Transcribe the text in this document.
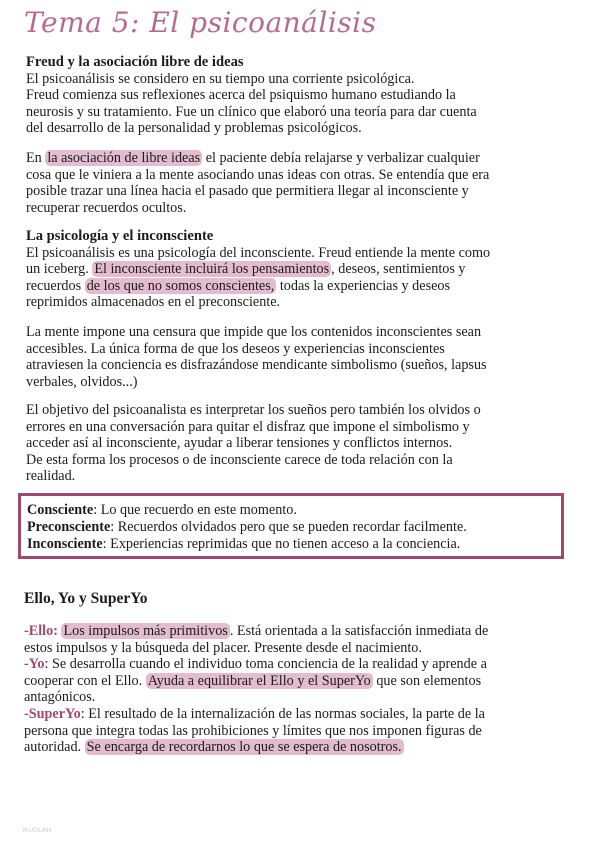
Tema 5: El psicoanálisis
Freud y la asociación libre de ideas
El psicoanálisis se considero en su tiempo una corriente psicológica.
Freud comienza sus reflexiones acerca del psiquismo humano estudiando la
neurosis y su tratamiento. Fue un clínico que elaboró una teoría para dar cuenta
del desarrollo de la personalidad y problemas psicológicos.
En la asociación de libre ideas el paciente debía relajarse y verbalizar cualquier
cosa que le viniera a la mente asociando unas ideas con otras. Se entendía que era
posible trazar una línea hacia el pasado que permitiera llegar al inconsciente y
recuperar recuerdos ocultos.
La psicología y el inconsciente
El psicoanálisis es una psicología del inconsciente. Freud entiende la mente como
un iceberg. El inconsciente incluirá los pensamientos , deseos, sentimientos y
recuerdos de los que no somos conscientes, todas la experiencias y deseos
reprimidos almacenados en el preconsciente.
La mente impone una censura que impide que los contenidos inconscientes sean
accesibles. La única forma de que los deseos y experiencias inconscientes
atraviesen la conciencia es disfrazándose mendicante simbolismo (sueños, lapsus
verbales, olvidos...)
El objetivo del psicoanalista es interpretar los sueños pero también los olvidos o
errores en una conversación para quitar el disfraz que impone el simbolismo y
acceder así al inconsciente, ayudar a liberar tensiones y conflictos internos.
De esta forma los procesos o de inconsciente carece de toda relación con la
realidad.
Consciente: Lo que recuerdo en este momento.
Preconsciente: Recuerdos olvidados pero que se pueden recordar facilmente.
Inconsciente: Experiencias reprimidas que no tienen acceso a la conciencia.
Ello, Yo y SuperYo
-Ello: Los impulsos más primitivos . Está orientada a la satisfacción inmediata de
estos impulsos y la búsqueda del placer. Presente desde el nacimiento.
-Yo: Se desarrolla cuando el individuo toma conciencia de la realidad y aprende a
cooperar con el Ello. Ayuda a equilibrar el Ello y el SuperYo que son elementos
antagónicos.
-SuperYo: El resultado de la internalización de las normas sociales, la parte de la
persona que integra todas las prohibiciones y límites que nos imponen figuras de
autoridad. Se encarga de recordarnos lo que se espera de nosotros.
WUOLAH
